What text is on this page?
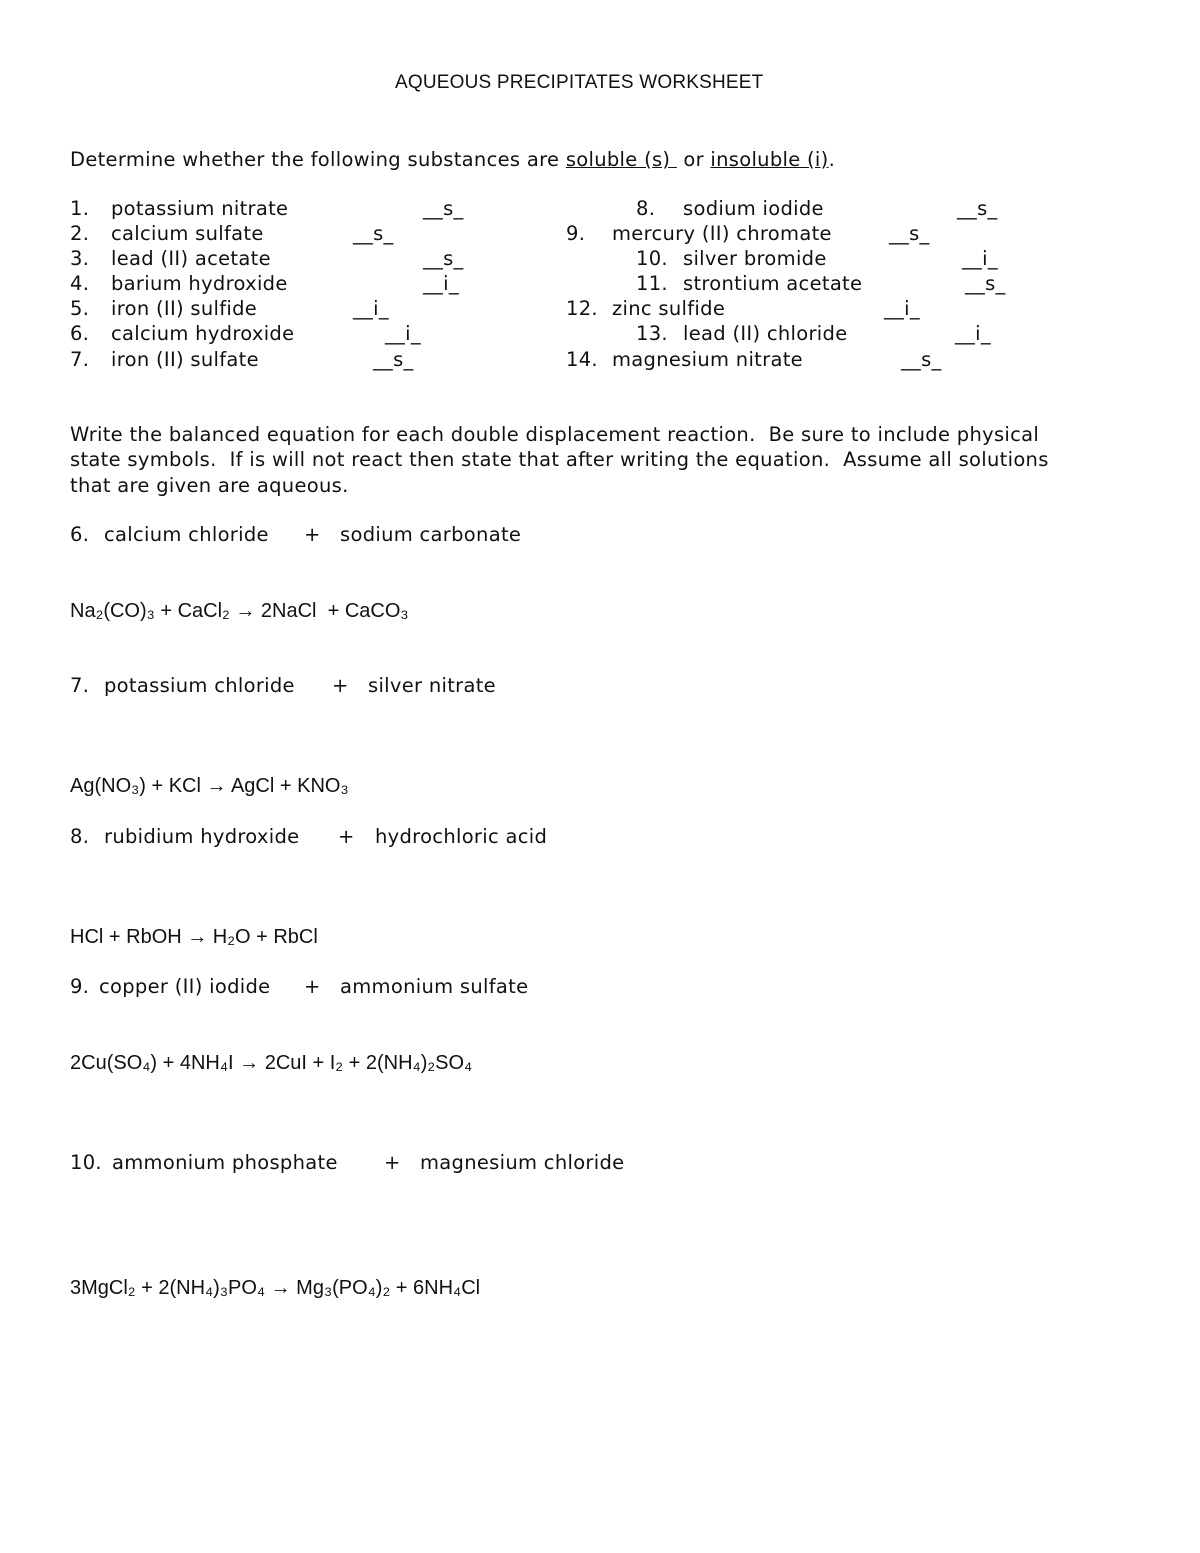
AQUEOUS PRECIPITATES WORKSHEET
Determine whether the following substances are soluble (s)  or insoluble (i).
1. potassium nitrate	__s_
2. calcium sulfate	__s_
3. lead (II) acetate	__s_
4. barium hydroxide	__i_
5. iron (II) sulfide	__i_
6. calcium hydroxide	__i_
7. iron (II) sulfate	__s_
8. sodium iodide	__s_
9. mercury (II) chromate	__s_
10. silver bromide	__i_
11. strontium acetate	__s_
12. zinc sulfide	__i_
13. lead (II) chloride	__i_
14. magnesium nitrate	__s_
Write the balanced equation for each double displacement reaction.  Be sure to include physical
state symbols.  If is will not react then state that after writing the equation.  Assume all solutions
that are given are aqueous.
6. calcium chloride + sodium carbonate
Na₂(CO)₃ + CaCl₂ → 2NaCl  + CaCO₃
7. potassium chloride + silver nitrate
Ag(NO₃) + KCl → AgCl + KNO₃
8. rubidium hydroxide + hydrochloric acid
HCl + RbOH → H₂O + RbCl
9. copper (II) iodide + ammonium sulfate
2Cu(SO₄) + 4NH₄I → 2CuI + I₂ + 2(NH₄)₂SO₄
10. ammonium phosphate + magnesium chloride
3MgCl₂ + 2(NH₄)₃PO₄ → Mg₃(PO₄)₂ + 6NH₄Cl
